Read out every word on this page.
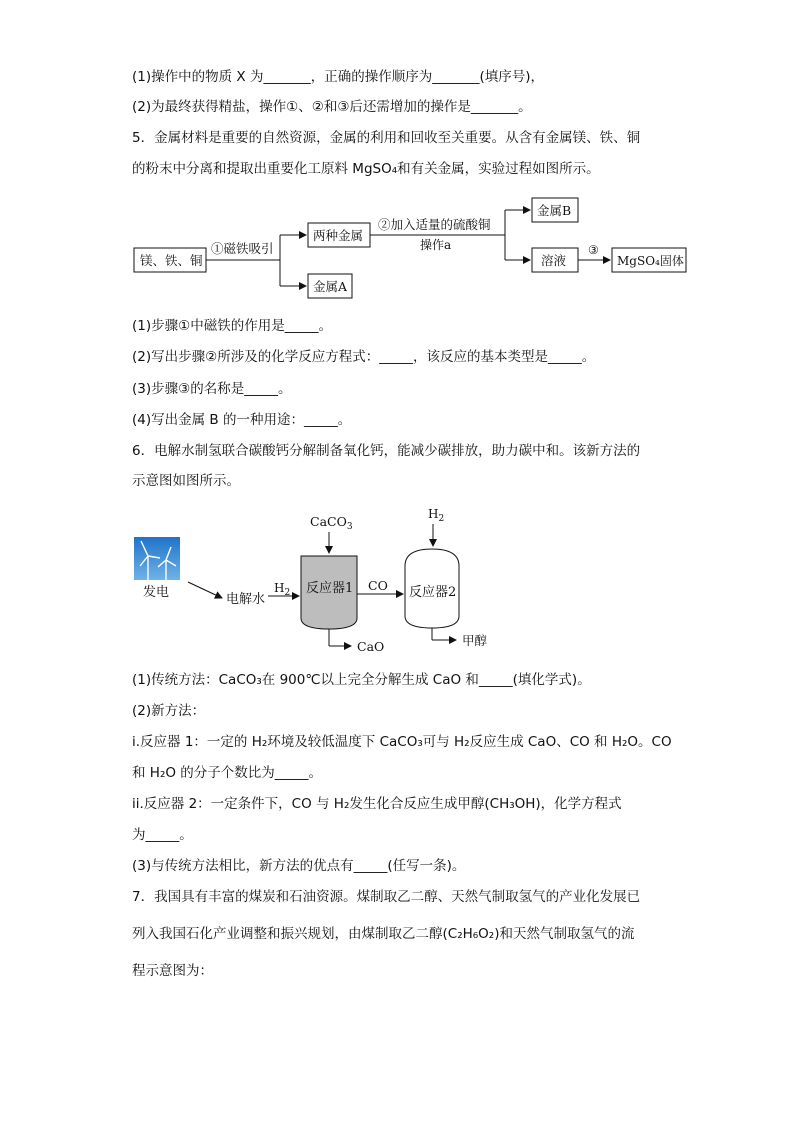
(1)操作中的物质 X 为_______，正确的操作顺序为_______(填序号)，
(2)为最终获得精盐，操作①、②和③后还需增加的操作是_______。
5．金属材料是重要的自然资源，金属的利用和回收至关重要。从含有金属镁、铁、铜
的粉末中分离和提取出重要化工原料 MgSO₄和有关金属，实验过程如图所示。
镁、铁、铜
①磁铁吸引
两种金属
金属A
②加入适量的硫酸铜
操作a
金属B
溶液
③
MgSO₄固体
(1)步骤①中磁铁的作用是_____。
(2)写出步骤②所涉及的化学反应方程式：_____，该反应的基本类型是_____。
(3)步骤③的名称是_____。
(4)写出金属 B 的一种用途：_____。
6．电解水制氢联合碳酸钙分解制备氧化钙，能减少碳排放，助力碳中和。该新方法的
示意图如图所示。
发电	电解水
$H_2$
CaCO$_3$
$H_2$
反应器1 CO 反应器2
CaO	甲醇
(1)传统方法：CaCO₃在 900℃以上完全分解生成 CaO 和_____(填化学式)。
(2)新方法：
i.反应器 1：一定的 H₂环境及较低温度下 CaCO₃可与 H₂反应生成 CaO、CO 和 H₂O。CO
和 H₂O 的分子个数比为_____。
ii.反应器 2：一定条件下，CO 与 H₂发生化合反应生成甲醇(CH₃OH)，化学方程式
为_____。
(3)与传统方法相比，新方法的优点有_____(任写一条)。
7．我国具有丰富的煤炭和石油资源。煤制取乙二醇、天然气制取氢气的产业化发展已
列入我国石化产业调整和振兴规划，由煤制取乙二醇(C₂H₆O₂)和天然气制取氢气的流
程示意图为：
